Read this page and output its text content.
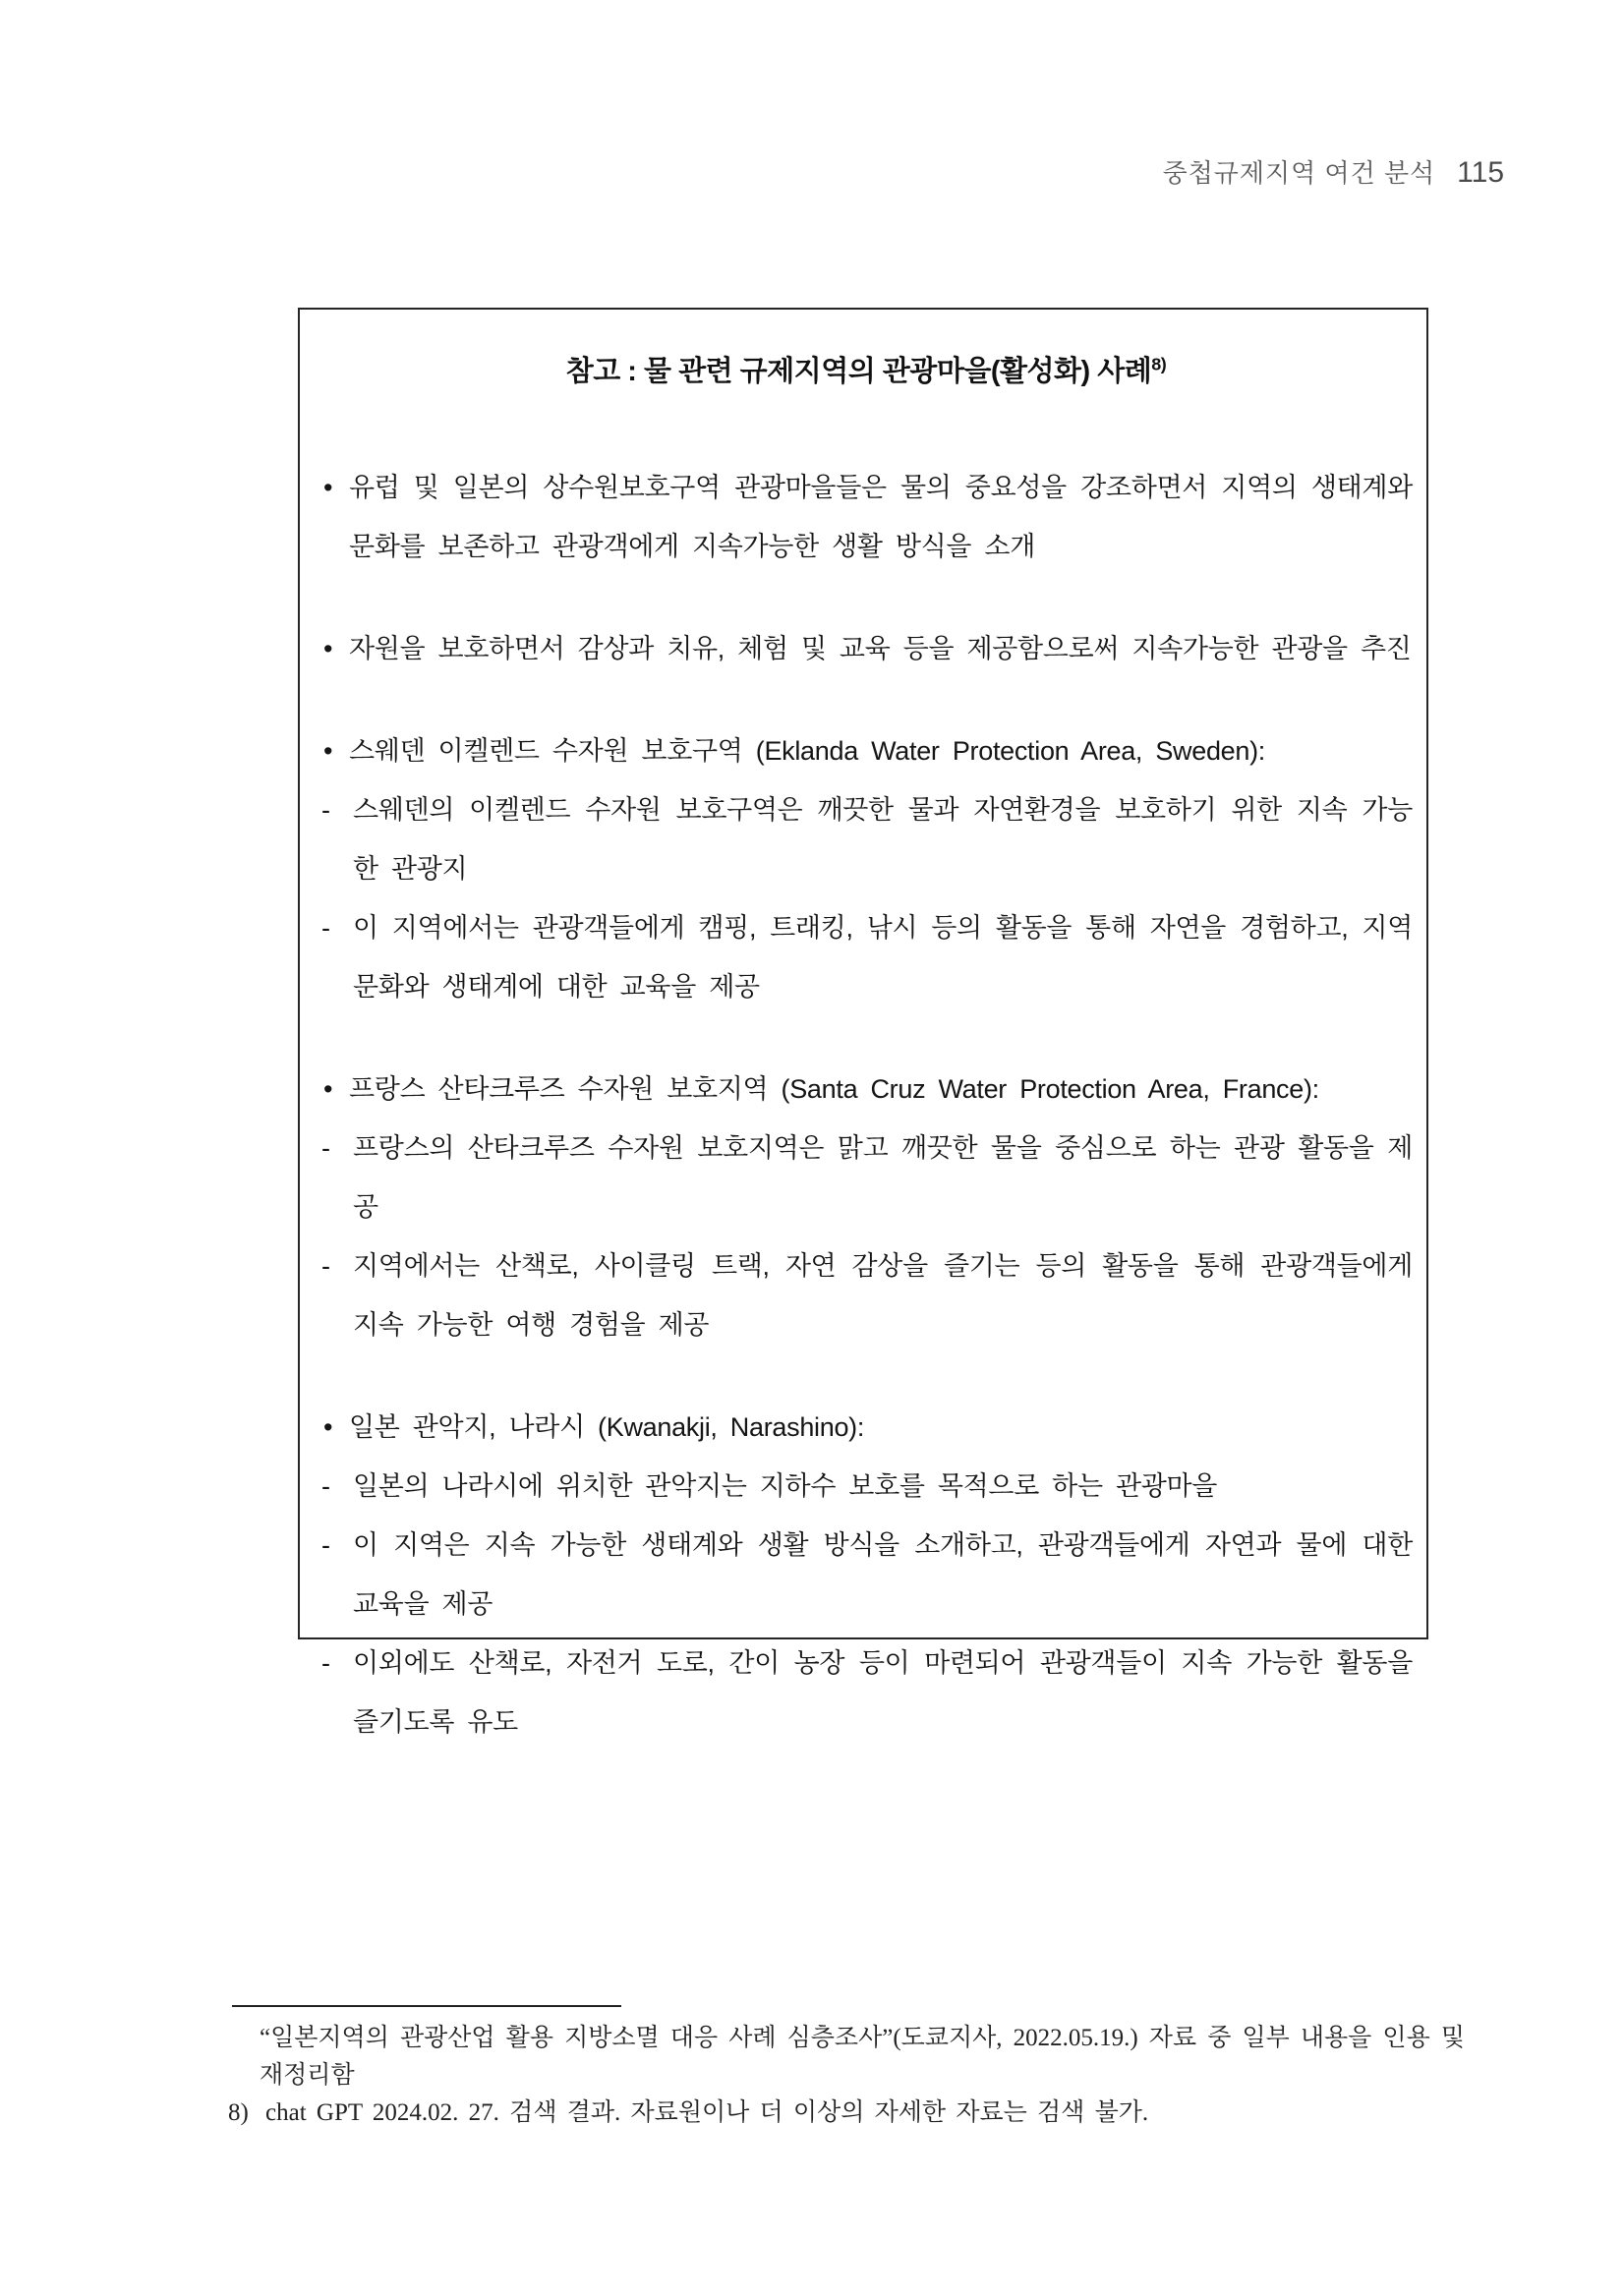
중첩규제지역 여건 분석 115
참고 : 물 관련 규제지역의 관광마을(활성화) 사례$^{8)}$
• 유럽 및 일본의 상수원보호구역 관광마을들은 물의 중요성을 강조하면서 지역의 생태계와 문화를 보존하고 관광객에게 지속가능한 생활 방식을 소개
• 자원을 보호하면서 감상과 치유, 체험 및 교육 등을 제공함으로써 지속가능한 관광을 추진
• 스웨덴 이켈렌드 수자원 보호구역 (Eklanda Water Protection Area, Sweden):
- 스웨덴의 이켈렌드 수자원 보호구역은 깨끗한 물과 자연환경을 보호하기 위한 지속 가능한 관광지
- 이 지역에서는 관광객들에게 캠핑, 트래킹, 낚시 등의 활동을 통해 자연을 경험하고, 지역 문화와 생태계에 대한 교육을 제공
• 프랑스 산타크루즈 수자원 보호지역 (Santa Cruz Water Protection Area, France):
- 프랑스의 산타크루즈 수자원 보호지역은 맑고 깨끗한 물을 중심으로 하는 관광 활동을 제공
- 지역에서는 산책로, 사이클링 트랙, 자연 감상을 즐기는 등의 활동을 통해 관광객들에게 지속 가능한 여행 경험을 제공
• 일본 관악지, 나라시 (Kwanakji, Narashino):
- 일본의 나라시에 위치한 관악지는 지하수 보호를 목적으로 하는 관광마을
- 이 지역은 지속 가능한 생태계와 생활 방식을 소개하고, 관광객들에게 자연과 물에 대한 교육을 제공
- 이외에도 산책로, 자전거 도로, 간이 농장 등이 마련되어 관광객들이 지속 가능한 활동을 즐기도록 유도
“일본지역의 관광산업 활용 지방소멸 대응 사례 심층조사”(도쿄지사, 2022.05.19.) 자료 중 일부 내용을 인용 및 재정리함
8) chat GPT 2024.02. 27. 검색 결과. 자료원이나 더 이상의 자세한 자료는 검색 불가.
